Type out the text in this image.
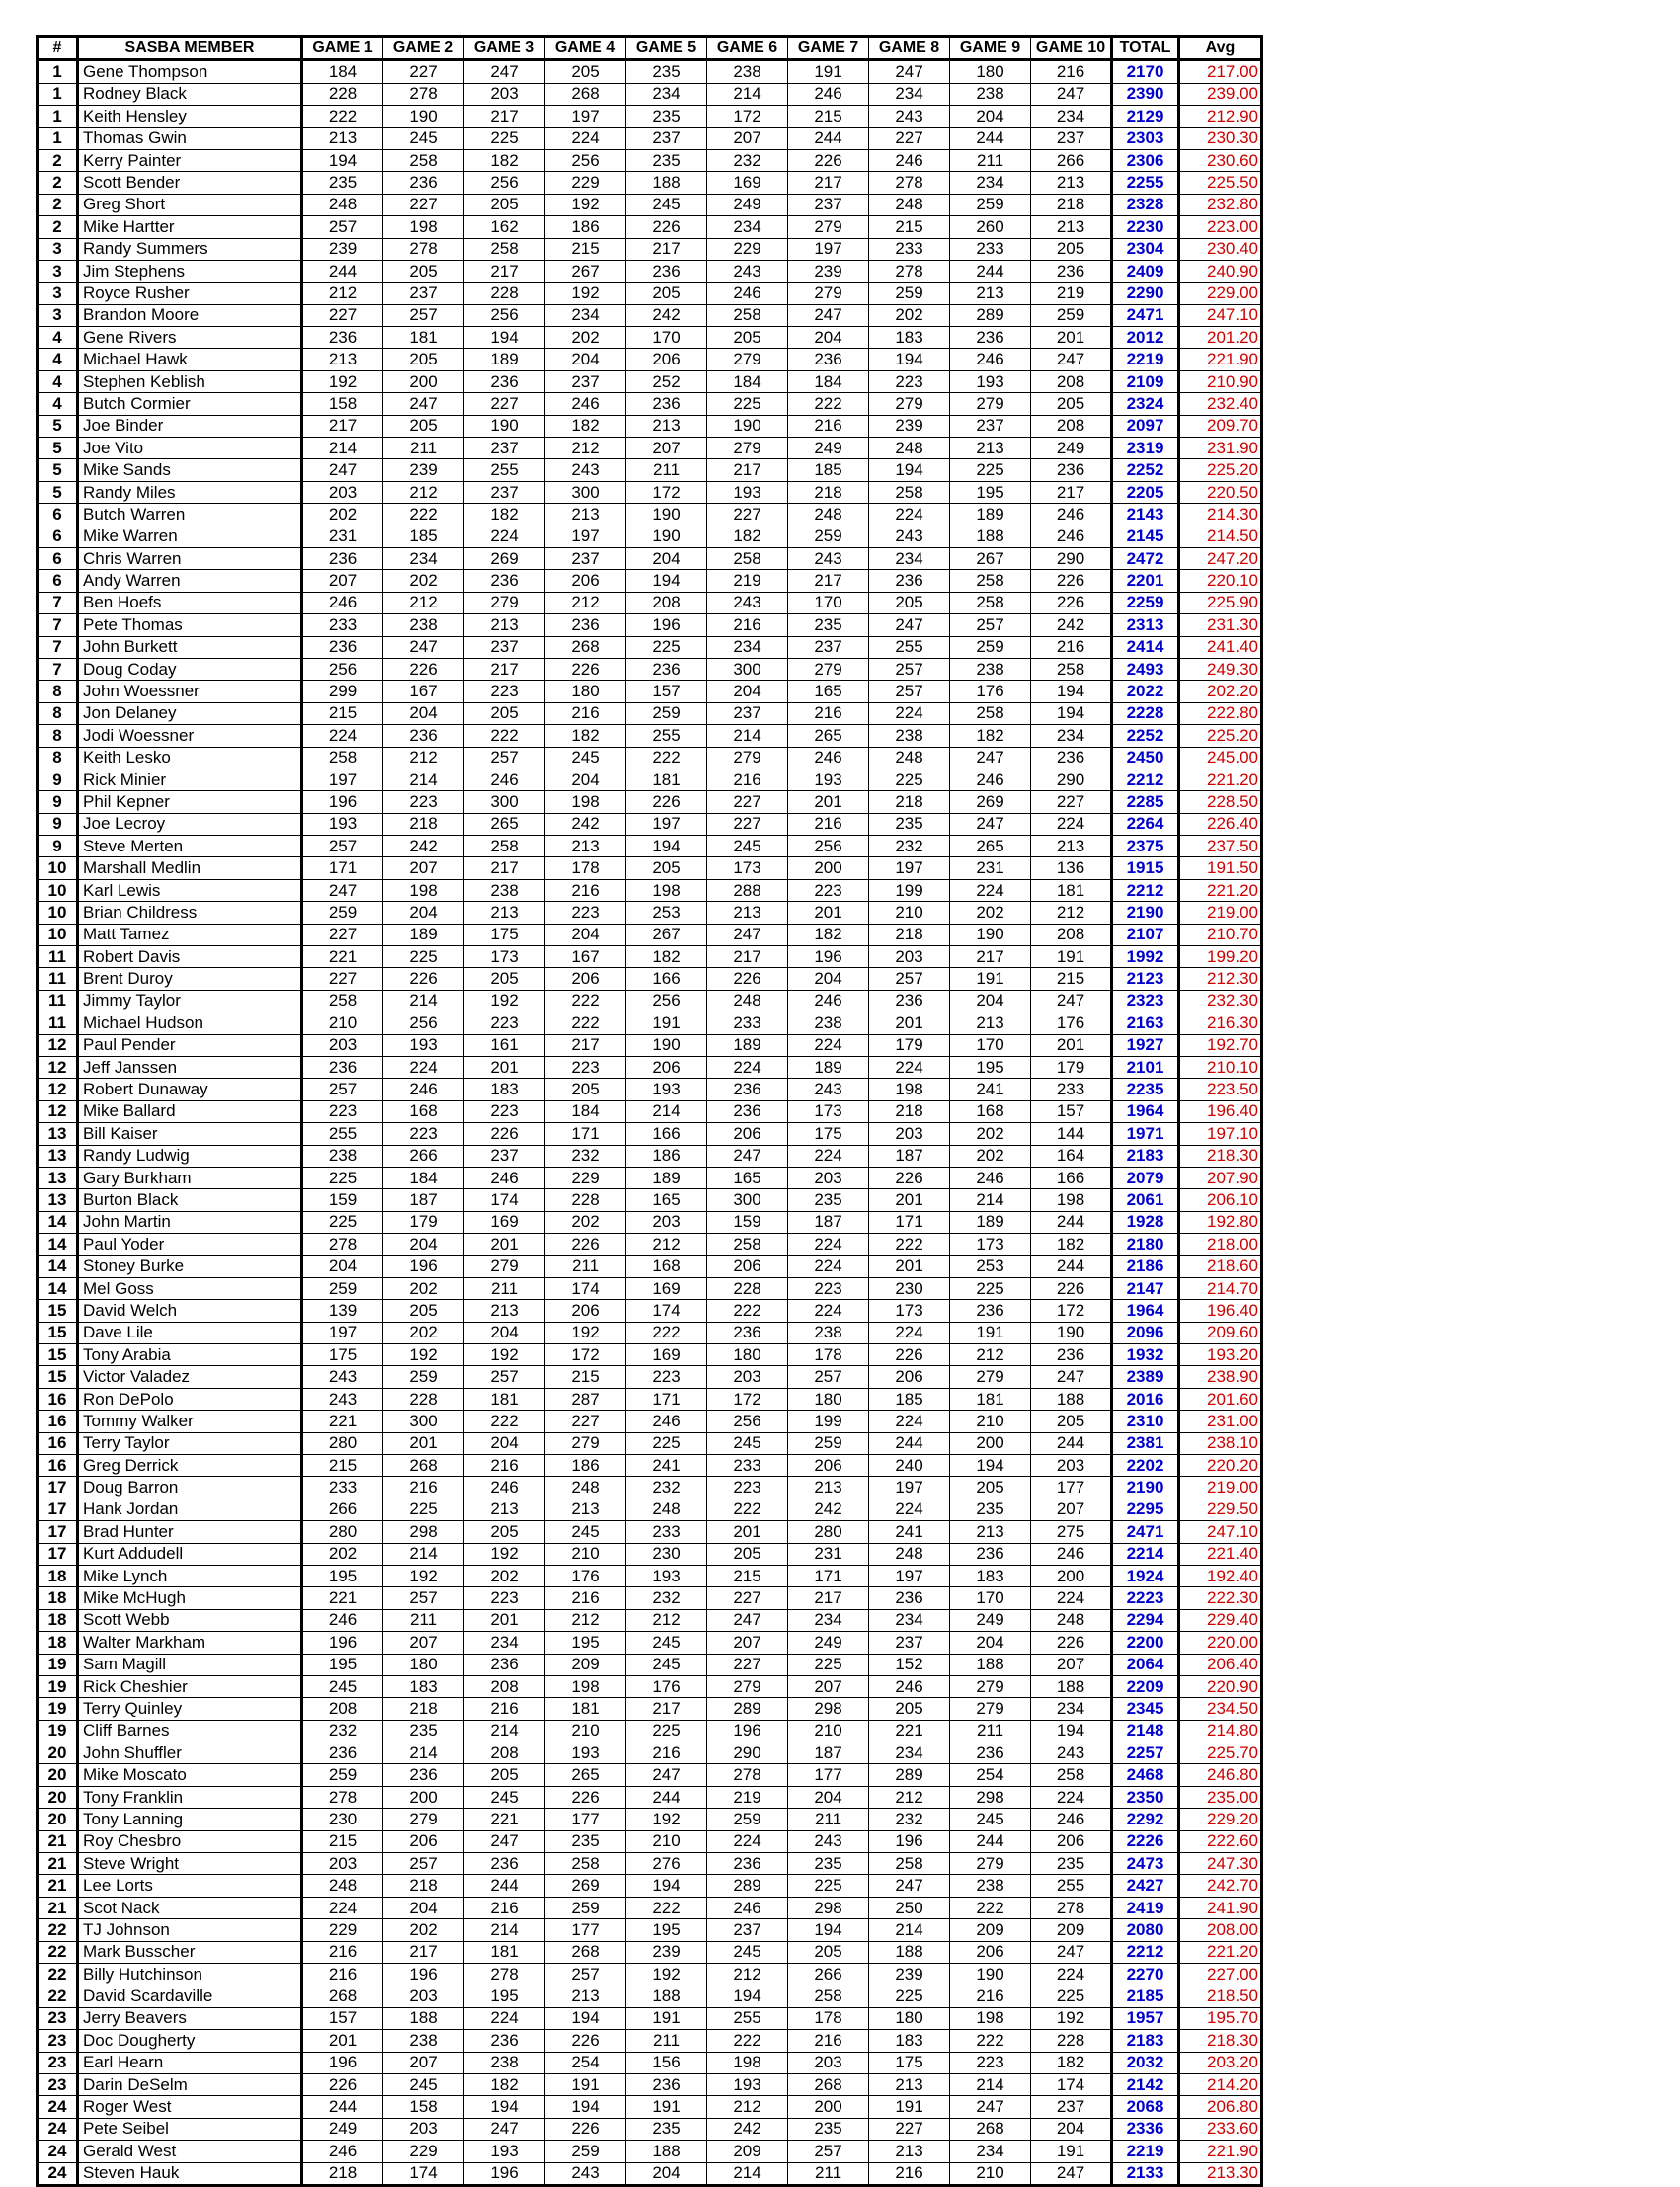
#	SASBA MEMBER	GAME 1	GAME 2	GAME 3	GAME 4	GAME 5	GAME 6	GAME 7	GAME 8	GAME 9	GAME 10	TOTAL	Avg
1	Gene Thompson	184	227	247	205	235	238	191	247	180	216	2170	217.00
1	Rodney Black	228	278	203	268	234	214	246	234	238	247	2390	239.00
1	Keith Hensley	222	190	217	197	235	172	215	243	204	234	2129	212.90
1	Thomas Gwin	213	245	225	224	237	207	244	227	244	237	2303	230.30
2	Kerry Painter	194	258	182	256	235	232	226	246	211	266	2306	230.60
2	Scott Bender	235	236	256	229	188	169	217	278	234	213	2255	225.50
2	Greg Short	248	227	205	192	245	249	237	248	259	218	2328	232.80
2	Mike Hartter	257	198	162	186	226	234	279	215	260	213	2230	223.00
3	Randy Summers	239	278	258	215	217	229	197	233	233	205	2304	230.40
3	Jim Stephens	244	205	217	267	236	243	239	278	244	236	2409	240.90
3	Royce Rusher	212	237	228	192	205	246	279	259	213	219	2290	229.00
3	Brandon Moore	227	257	256	234	242	258	247	202	289	259	2471	247.10
4	Gene Rivers	236	181	194	202	170	205	204	183	236	201	2012	201.20
4	Michael Hawk	213	205	189	204	206	279	236	194	246	247	2219	221.90
4	Stephen Keblish	192	200	236	237	252	184	184	223	193	208	2109	210.90
4	Butch Cormier	158	247	227	246	236	225	222	279	279	205	2324	232.40
5	Joe Binder	217	205	190	182	213	190	216	239	237	208	2097	209.70
5	Joe Vito	214	211	237	212	207	279	249	248	213	249	2319	231.90
5	Mike Sands	247	239	255	243	211	217	185	194	225	236	2252	225.20
5	Randy Miles	203	212	237	300	172	193	218	258	195	217	2205	220.50
6	Butch Warren	202	222	182	213	190	227	248	224	189	246	2143	214.30
6	Mike Warren	231	185	224	197	190	182	259	243	188	246	2145	214.50
6	Chris Warren	236	234	269	237	204	258	243	234	267	290	2472	247.20
6	Andy Warren	207	202	236	206	194	219	217	236	258	226	2201	220.10
7	Ben Hoefs	246	212	279	212	208	243	170	205	258	226	2259	225.90
7	Pete Thomas	233	238	213	236	196	216	235	247	257	242	2313	231.30
7	John Burkett	236	247	237	268	225	234	237	255	259	216	2414	241.40
7	Doug Coday	256	226	217	226	236	300	279	257	238	258	2493	249.30
8	John Woessner	299	167	223	180	157	204	165	257	176	194	2022	202.20
8	Jon Delaney	215	204	205	216	259	237	216	224	258	194	2228	222.80
8	Jodi Woessner	224	236	222	182	255	214	265	238	182	234	2252	225.20
8	Keith Lesko	258	212	257	245	222	279	246	248	247	236	2450	245.00
9	Rick Minier	197	214	246	204	181	216	193	225	246	290	2212	221.20
9	Phil Kepner	196	223	300	198	226	227	201	218	269	227	2285	228.50
9	Joe Lecroy	193	218	265	242	197	227	216	235	247	224	2264	226.40
9	Steve Merten	257	242	258	213	194	245	256	232	265	213	2375	237.50
10	Marshall Medlin	171	207	217	178	205	173	200	197	231	136	1915	191.50
10	Karl Lewis	247	198	238	216	198	288	223	199	224	181	2212	221.20
10	Brian Childress	259	204	213	223	253	213	201	210	202	212	2190	219.00
10	Matt Tamez	227	189	175	204	267	247	182	218	190	208	2107	210.70
11	Robert Davis	221	225	173	167	182	217	196	203	217	191	1992	199.20
11	Brent Duroy	227	226	205	206	166	226	204	257	191	215	2123	212.30
11	Jimmy Taylor	258	214	192	222	256	248	246	236	204	247	2323	232.30
11	Michael Hudson	210	256	223	222	191	233	238	201	213	176	2163	216.30
12	Paul Pender	203	193	161	217	190	189	224	179	170	201	1927	192.70
12	Jeff Janssen	236	224	201	223	206	224	189	224	195	179	2101	210.10
12	Robert Dunaway	257	246	183	205	193	236	243	198	241	233	2235	223.50
12	Mike Ballard	223	168	223	184	214	236	173	218	168	157	1964	196.40
13	Bill Kaiser	255	223	226	171	166	206	175	203	202	144	1971	197.10
13	Randy Ludwig	238	266	237	232	186	247	224	187	202	164	2183	218.30
13	Gary Burkham	225	184	246	229	189	165	203	226	246	166	2079	207.90
13	Burton Black	159	187	174	228	165	300	235	201	214	198	2061	206.10
14	John Martin	225	179	169	202	203	159	187	171	189	244	1928	192.80
14	Paul Yoder	278	204	201	226	212	258	224	222	173	182	2180	218.00
14	Stoney Burke	204	196	279	211	168	206	224	201	253	244	2186	218.60
14	Mel Goss	259	202	211	174	169	228	223	230	225	226	2147	214.70
15	David Welch	139	205	213	206	174	222	224	173	236	172	1964	196.40
15	Dave Lile	197	202	204	192	222	236	238	224	191	190	2096	209.60
15	Tony Arabia	175	192	192	172	169	180	178	226	212	236	1932	193.20
15	Victor Valadez	243	259	257	215	223	203	257	206	279	247	2389	238.90
16	Ron DePolo	243	228	181	287	171	172	180	185	181	188	2016	201.60
16	Tommy Walker	221	300	222	227	246	256	199	224	210	205	2310	231.00
16	Terry Taylor	280	201	204	279	225	245	259	244	200	244	2381	238.10
16	Greg Derrick	215	268	216	186	241	233	206	240	194	203	2202	220.20
17	Doug Barron	233	216	246	248	232	223	213	197	205	177	2190	219.00
17	Hank Jordan	266	225	213	213	248	222	242	224	235	207	2295	229.50
17	Brad Hunter	280	298	205	245	233	201	280	241	213	275	2471	247.10
17	Kurt Addudell	202	214	192	210	230	205	231	248	236	246	2214	221.40
18	Mike Lynch	195	192	202	176	193	215	171	197	183	200	1924	192.40
18	Mike McHugh	221	257	223	216	232	227	217	236	170	224	2223	222.30
18	Scott Webb	246	211	201	212	212	247	234	234	249	248	2294	229.40
18	Walter Markham	196	207	234	195	245	207	249	237	204	226	2200	220.00
19	Sam Magill	195	180	236	209	245	227	225	152	188	207	2064	206.40
19	Rick Cheshier	245	183	208	198	176	279	207	246	279	188	2209	220.90
19	Terry Quinley	208	218	216	181	217	289	298	205	279	234	2345	234.50
19	Cliff Barnes	232	235	214	210	225	196	210	221	211	194	2148	214.80
20	John Shuffler	236	214	208	193	216	290	187	234	236	243	2257	225.70
20	Mike Moscato	259	236	205	265	247	278	177	289	254	258	2468	246.80
20	Tony Franklin	278	200	245	226	244	219	204	212	298	224	2350	235.00
20	Tony Lanning	230	279	221	177	192	259	211	232	245	246	2292	229.20
21	Roy Chesbro	215	206	247	235	210	224	243	196	244	206	2226	222.60
21	Steve Wright	203	257	236	258	276	236	235	258	279	235	2473	247.30
21	Lee Lorts	248	218	244	269	194	289	225	247	238	255	2427	242.70
21	Scot Nack	224	204	216	259	222	246	298	250	222	278	2419	241.90
22	TJ Johnson	229	202	214	177	195	237	194	214	209	209	2080	208.00
22	Mark Busscher	216	217	181	268	239	245	205	188	206	247	2212	221.20
22	Billy Hutchinson	216	196	278	257	192	212	266	239	190	224	2270	227.00
22	David Scardaville	268	203	195	213	188	194	258	225	216	225	2185	218.50
23	Jerry Beavers	157	188	224	194	191	255	178	180	198	192	1957	195.70
23	Doc Dougherty	201	238	236	226	211	222	216	183	222	228	2183	218.30
23	Earl Hearn	196	207	238	254	156	198	203	175	223	182	2032	203.20
23	Darin DeSelm	226	245	182	191	236	193	268	213	214	174	2142	214.20
24	Roger West	244	158	194	194	191	212	200	191	247	237	2068	206.80
24	Pete Seibel	249	203	247	226	235	242	235	227	268	204	2336	233.60
24	Gerald West	246	229	193	259	188	209	257	213	234	191	2219	221.90
24	Steven Hauk	218	174	196	243	204	214	211	216	210	247	2133	213.30
